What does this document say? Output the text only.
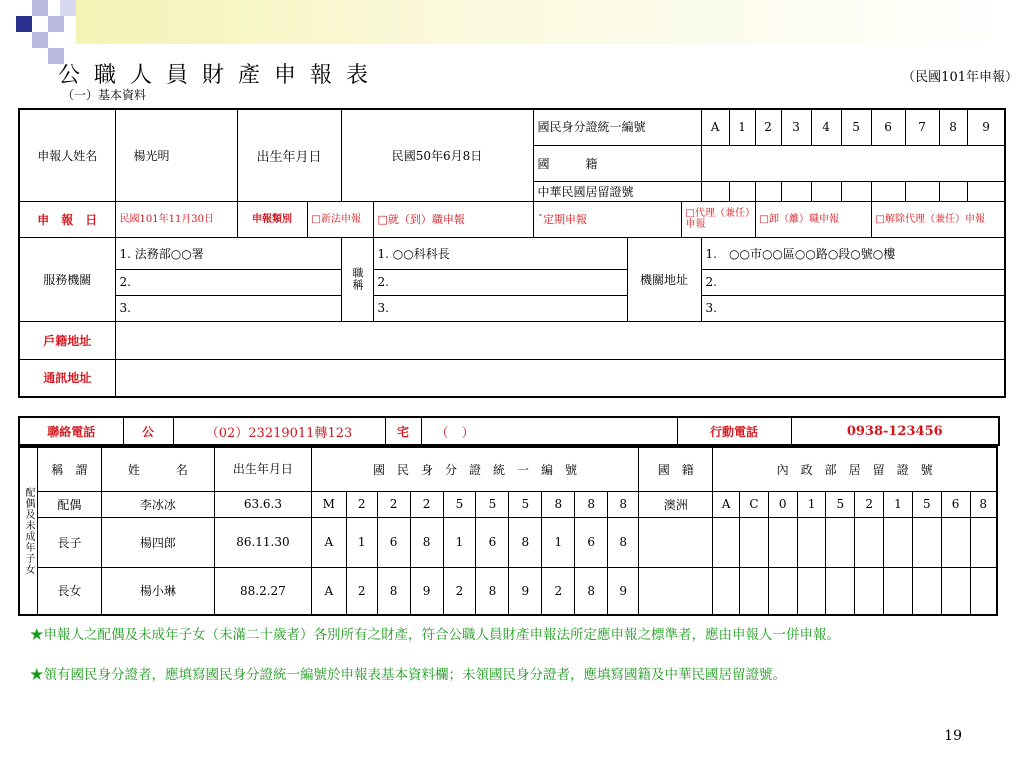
公職人員財產申報表	（民國101年申報）
（一）基本資料
申報人姓名	楊光明	出生年月日		民國50年6月8日		國民身分證統一編號			A	1	2	3	4	5	6	7	8	9
						國　　　籍												
						中華民國居留證號												
申　報　日	民國101年11月30日	申報類別	□新法申報		□就（到）職申報	ˇ定期申報		□代理（兼任）申報			□卸（離）職申報				□解除代理（兼任）申報			
服務機關	1. 法務部○○署			職稱	1. ○○科科長		機關地址		1.　○○市○○區○○路○段○號○樓									
	2.				2.				2.									
	3.				3.				3.									
戶籍地址																		
通訊地址																		
聯絡電話	公	（02）23219011轉123	宅	（　）	行動電話	0938-123456
配偶及未成年子女	稱　謂	姓　　　名	出生年月日	國　民　身　分　證　統　一　編　號										國　籍	內　政　部　居　留　證　號									
	配偶	李冰冰	63.6.3	M	2	2	2	5	5	5	8	8	8	澳洲	A	C	0	1	5	2	1	5	6	8
	長子	楊四郎	86.11.30	A	1	6	8	1	6	8	1	6	8											
	長女	楊小琳	88.2.27	A	2	8	9	2	8	9	2	8	9											
★申報人之配偶及未成年子女（未滿二十歲者）各別所有之財產，符合公職人員財產申報法所定應申報之標準者，應由申報人一併申報。
★領有國民身分證者，應填寫國民身分證統一編號於申報表基本資料欄；未領國民身分證者，應填寫國籍及中華民國居留證號。
19
